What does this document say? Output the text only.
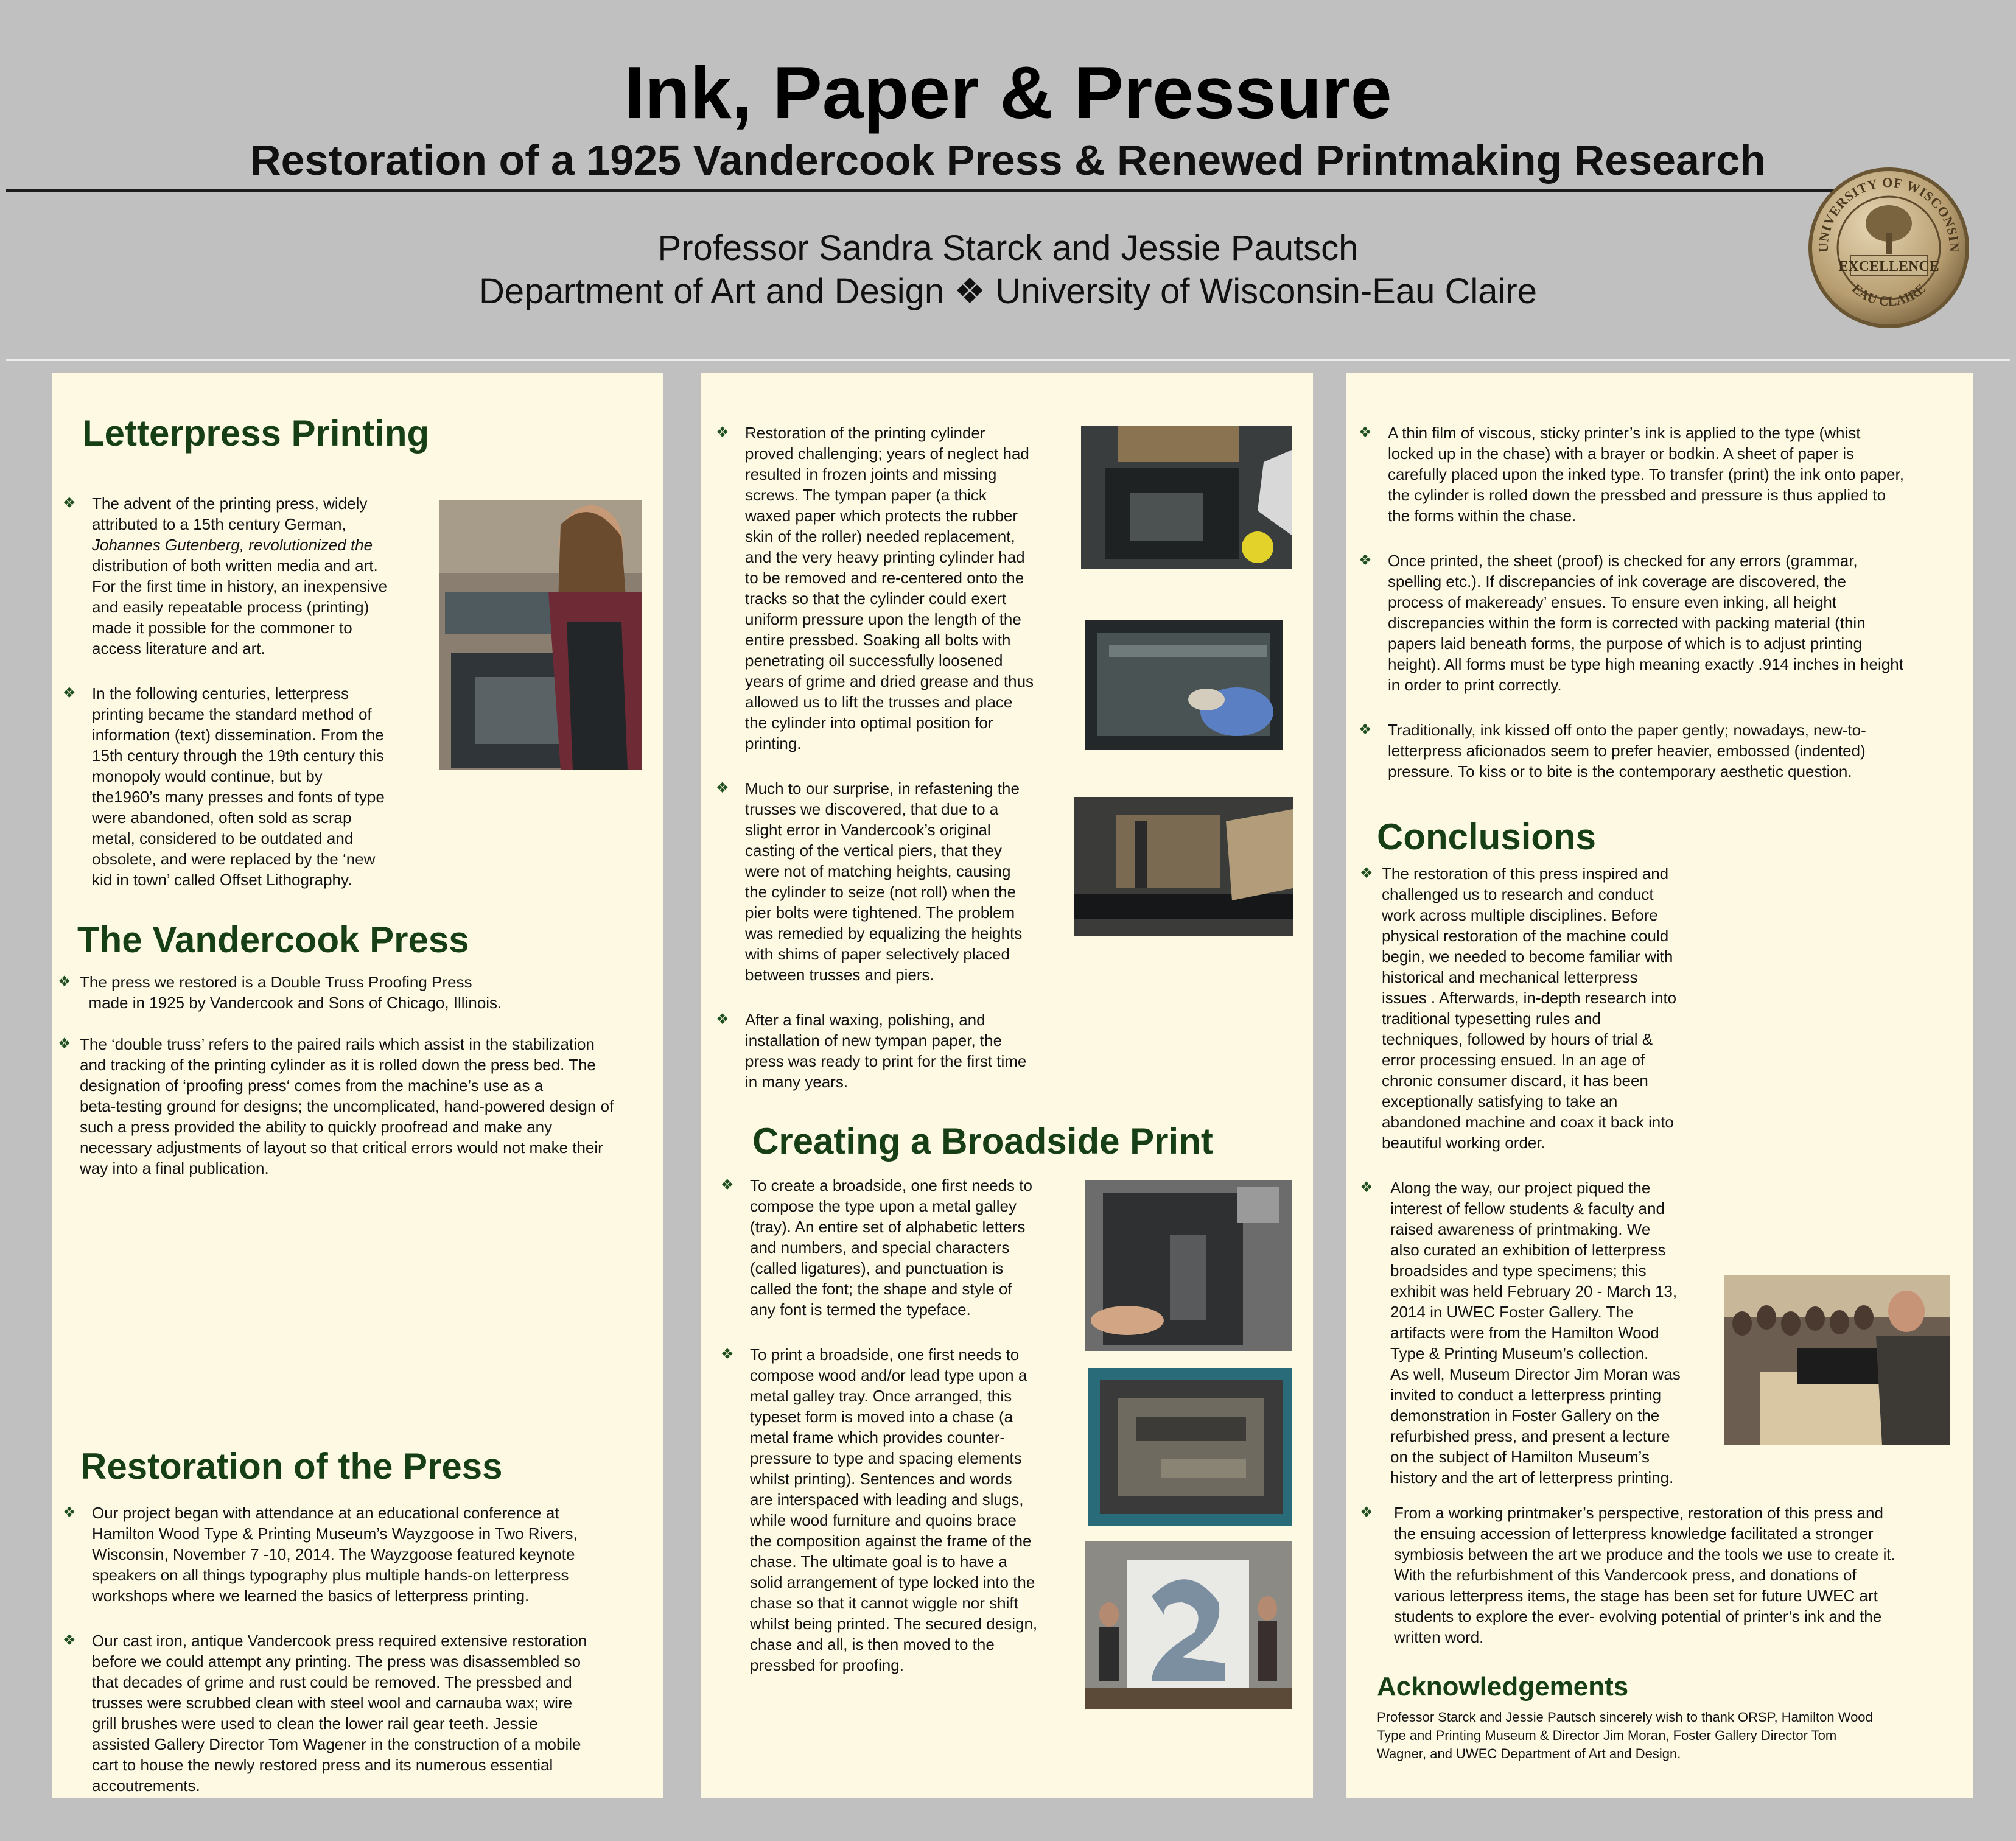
Ink, Paper & Pressure
Restoration of a 1925 Vandercook Press & Renewed Printmaking Research
Professor Sandra Starck and Jessie Pautsch
Department of Art and Design ❖ University of Wisconsin-Eau Claire
UNIVERSITY OF WISCONSIN
EAU CLAIRE
EXCELLENCE
Letterpress Printing

❖ The advent of the printing press, widely
attributed to a 15th century German,
Johannes Gutenberg, revolutionized the
distribution of both written media and art.
For the first time in history, an inexpensive
and easily repeatable process (printing)
made it possible for the commoner to
access literature and art.

❖ In the following centuries, letterpress
printing became the standard method of
information (text) dissemination. From the
15th century through the 19th century this
monopoly would continue, but by
the1960’s many presses and fonts of type
were abandoned, often sold as scrap
metal, considered to be outdated and
obsolete, and were replaced by the ‘new
kid in town’ called Offset Lithography.

The Vandercook Press

❖ The press we restored is a Double Truss Proofing Press
made in 1925 by Vandercook and Sons of Chicago, Illinois.

❖ The ‘double truss’ refers to the paired rails which assist in the stabilization
and tracking of the printing cylinder as it is rolled down the press bed. The
designation of ‘proofing press‘ comes from the machine’s use as a
beta-testing ground for designs; the uncomplicated, hand-powered design of
such a press provided the ability to quickly proofread and make any
necessary adjustments of layout so that critical errors would not make their
way into a final publication.

Restoration of the Press

❖ Our project began with attendance at an educational conference at
Hamilton Wood Type & Printing Museum’s Wayzgoose in Two Rivers,
Wisconsin, November 7 -10, 2014. The Wayzgoose featured keynote
speakers on all things typography plus multiple hands-on letterpress
workshops where we learned the basics of letterpress printing.

❖ Our cast iron, antique Vandercook press required extensive restoration
before we could attempt any printing. The press was disassembled so
that decades of grime and rust could be removed. The pressbed and
trusses were scrubbed clean with steel wool and carnauba wax; wire
grill brushes were used to clean the lower rail gear teeth. Jessie
assisted Gallery Director Tom Wagener in the construction of a mobile
cart to house the newly restored press and its numerous essential
accoutrements.

❖ Restoration of the printing cylinder
proved challenging; years of neglect had
resulted in frozen joints and missing
screws. The tympan paper (a thick
waxed paper which protects the rubber
skin of the roller) needed replacement,
and the very heavy printing cylinder had
to be removed and re-centered onto the
tracks so that the cylinder could exert
uniform pressure upon the length of the
entire pressbed. Soaking all bolts with
penetrating oil successfully loosened
years of grime and dried grease and thus
allowed us to lift the trusses and place
the cylinder into optimal position for
printing.

❖ Much to our surprise, in refastening the
trusses we discovered, that due to a
slight error in Vandercook’s original
casting of the vertical piers, that they
were not of matching heights, causing
the cylinder to seize (not roll) when the
pier bolts were tightened. The problem
was remedied by equalizing the heights
with shims of paper selectively placed
between trusses and piers.

❖ After a final waxing, polishing, and
installation of new tympan paper, the
press was ready to print for the first time
in many years.

Creating a Broadside Print

❖ To create a broadside, one first needs to
compose the type upon a metal galley
(tray). An entire set of alphabetic letters
and numbers, and special characters
(called ligatures), and punctuation is
called the font; the shape and style of
any font is termed the typeface.

❖ To print a broadside, one first needs to
compose wood and/or lead type upon a
metal galley tray. Once arranged, this
typeset form is moved into a chase (a
metal frame which provides counter-
pressure to type and spacing elements
whilst printing). Sentences and words
are interspaced with leading and slugs,
while wood furniture and quoins brace
the composition against the frame of the
chase. The ultimate goal is to have a
solid arrangement of type locked into the
chase so that it cannot wiggle nor shift
whilst being printed. The secured design,
chase and all, is then moved to the
pressbed for proofing.

❖ A thin film of viscous, sticky printer’s ink is applied to the type (whist
locked up in the chase) with a brayer or bodkin. A sheet of paper is
carefully placed upon the inked type. To transfer (print) the ink onto paper,
the cylinder is rolled down the pressbed and pressure is thus applied to
the forms within the chase.

❖ Once printed, the sheet (proof) is checked for any errors (grammar,
spelling etc.). If discrepancies of ink coverage are discovered, the
process of makeready’ ensues. To ensure even inking, all height
discrepancies within the form is corrected with packing material (thin
papers laid beneath forms, the purpose of which is to adjust printing
height). All forms must be type high meaning exactly .914 inches in height
in order to print correctly.

❖ Traditionally, ink kissed off onto the paper gently; nowadays, new-to-
letterpress aficionados seem to prefer heavier, embossed (indented)
pressure. To kiss or to bite is the contemporary aesthetic question.

Conclusions

❖ The restoration of this press inspired and
challenged us to research and conduct
work across multiple disciplines. Before
physical restoration of the machine could
begin, we needed to become familiar with
historical and mechanical letterpress
issues . Afterwards, in-depth research into
traditional typesetting rules and
techniques, followed by hours of trial &
error processing ensued. In an age of
chronic consumer discard, it has been
exceptionally satisfying to take an
abandoned machine and coax it back into
beautiful working order.

❖ Along the way, our project piqued the
interest of fellow students & faculty and
raised awareness of printmaking. We
also curated an exhibition of letterpress
broadsides and type specimens; this
exhibit was held February 20 - March 13,
2014 in UWEC Foster Gallery. The
artifacts were from the Hamilton Wood
Type & Printing Museum’s collection.
As well, Museum Director Jim Moran was
invited to conduct a letterpress printing
demonstration in Foster Gallery on the
refurbished press, and present a lecture
on the subject of Hamilton Museum’s
history and the art of letterpress printing.

❖ From a working printmaker’s perspective, restoration of this press and
the ensuing accession of letterpress knowledge facilitated a stronger
symbiosis between the art we produce and the tools we use to create it.
With the refurbishment of this Vandercook press, and donations of
various letterpress items, the stage has been set for future UWEC art
students to explore the ever- evolving potential of printer’s ink and the
written word.

Acknowledgements
Professor Starck and Jessie Pautsch sincerely wish to thank ORSP, Hamilton Wood
Type and Printing Museum & Director Jim Moran, Foster Gallery Director Tom
Wagner, and UWEC Department of Art and Design.
